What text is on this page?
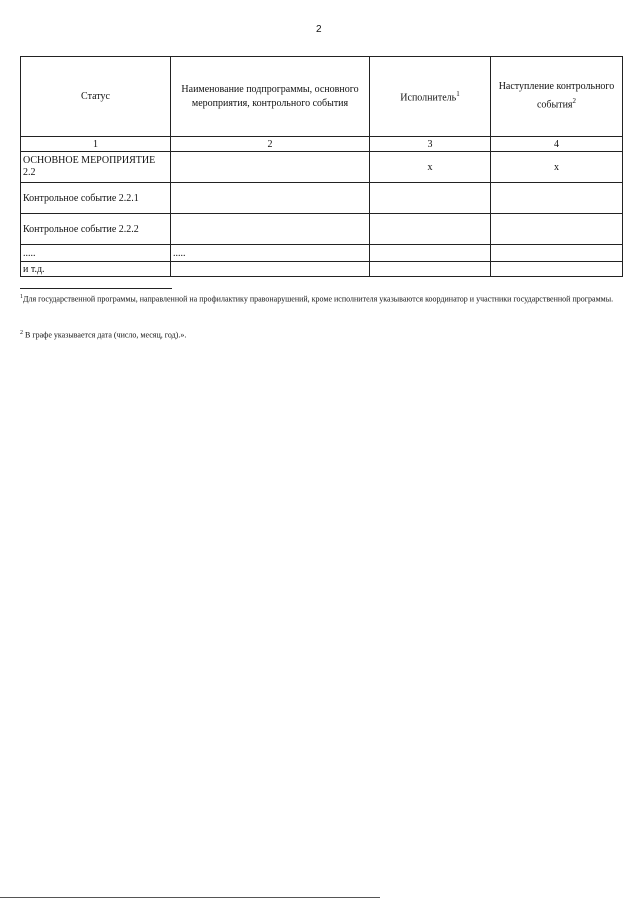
2
Статус	Наименование подпрограммы, основного мероприятия, контрольного события	Исполнитель$^1$	Наступление контрольного события$^2$
1	2	3	4
ОСНОВНОЕ МЕРОПРИЯТИЕ 2.2		х	х
Контрольное событие 2.2.1			
Контрольное событие 2.2.2			
.....	.....		
и т.д.			
$^1$Для государственной программы, направленной на профилактику правонарушений, кроме исполнителя указываются координатор и участники государственной программы.
$^2$ В графе указывается дата (число, месяц, год).».
